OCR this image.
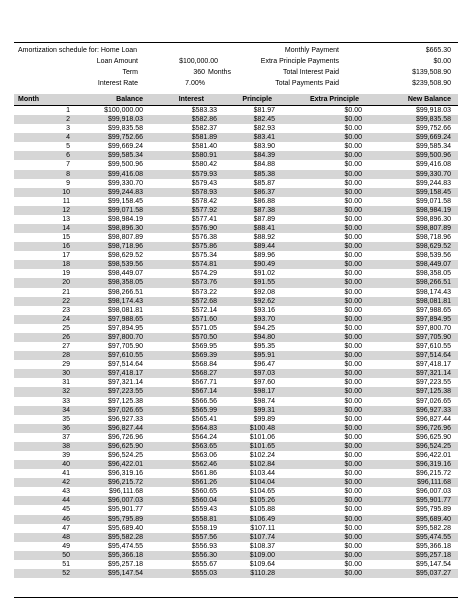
Amortization schedule for: Home Loan	Monthly Payment	$665.30
Loan Amount	$100,000.00	Extra Principle Payments	$0.00
Term	360 Months	Total Interest Paid	$139,508.90
Interest Rate	7.00%	Total Payments Paid	$239,508.90
Month	Balance	Interest	Principle	Extra Principle	New Balance
1	$100,000.00	$583.33	$81.97	$0.00	$99,918.03
2	$99,918.03	$582.86	$82.45	$0.00	$99,835.58
3	$99,835.58	$582.37	$82.93	$0.00	$99,752.66
4	$99,752.66	$581.89	$83.41	$0.00	$99,669.24
5	$99,669.24	$581.40	$83.90	$0.00	$99,585.34
6	$99,585.34	$580.91	$84.39	$0.00	$99,500.96
7	$99,500.96	$580.42	$84.88	$0.00	$99,416.08
8	$99,416.08	$579.93	$85.38	$0.00	$99,330.70
9	$99,330.70	$579.43	$85.87	$0.00	$99,244.83
10	$99,244.83	$578.93	$86.37	$0.00	$99,158.45
11	$99,158.45	$578.42	$86.88	$0.00	$99,071.58
12	$99,071.58	$577.92	$87.38	$0.00	$98,984.19
13	$98,984.19	$577.41	$87.89	$0.00	$98,896.30
14	$98,896.30	$576.90	$88.41	$0.00	$98,807.89
15	$98,807.89	$576.38	$88.92	$0.00	$98,718.96
16	$98,718.96	$575.86	$89.44	$0.00	$98,629.52
17	$98,629.52	$575.34	$89.96	$0.00	$98,539.56
18	$98,539.56	$574.81	$90.49	$0.00	$98,449.07
19	$98,449.07	$574.29	$91.02	$0.00	$98,358.05
20	$98,358.05	$573.76	$91.55	$0.00	$98,266.51
21	$98,266.51	$573.22	$92.08	$0.00	$98,174.43
22	$98,174.43	$572.68	$92.62	$0.00	$98,081.81
23	$98,081.81	$572.14	$93.16	$0.00	$97,988.65
24	$97,988.65	$571.60	$93.70	$0.00	$97,894.95
25	$97,894.95	$571.05	$94.25	$0.00	$97,800.70
26	$97,800.70	$570.50	$94.80	$0.00	$97,705.90
27	$97,705.90	$569.95	$95.35	$0.00	$97,610.55
28	$97,610.55	$569.39	$95.91	$0.00	$97,514.64
29	$97,514.64	$568.84	$96.47	$0.00	$97,418.17
30	$97,418.17	$568.27	$97.03	$0.00	$97,321.14
31	$97,321.14	$567.71	$97.60	$0.00	$97,223.55
32	$97,223.55	$567.14	$98.17	$0.00	$97,125.38
33	$97,125.38	$566.56	$98.74	$0.00	$97,026.65
34	$97,026.65	$565.99	$99.31	$0.00	$96,927.33
35	$96,927.33	$565.41	$99.89	$0.00	$96,827.44
36	$96,827.44	$564.83	$100.48	$0.00	$96,726.96
37	$96,726.96	$564.24	$101.06	$0.00	$96,625.90
38	$96,625.90	$563.65	$101.65	$0.00	$96,524.25
39	$96,524.25	$563.06	$102.24	$0.00	$96,422.01
40	$96,422.01	$562.46	$102.84	$0.00	$96,319.16
41	$96,319.16	$561.86	$103.44	$0.00	$96,215.72
42	$96,215.72	$561.26	$104.04	$0.00	$96,111.68
43	$96,111.68	$560.65	$104.65	$0.00	$96,007.03
44	$96,007.03	$560.04	$105.26	$0.00	$95,901.77
45	$95,901.77	$559.43	$105.88	$0.00	$95,795.89
46	$95,795.89	$558.81	$106.49	$0.00	$95,689.40
47	$95,689.40	$558.19	$107.11	$0.00	$95,582.28
48	$95,582.28	$557.56	$107.74	$0.00	$95,474.55
49	$95,474.55	$556.93	$108.37	$0.00	$95,366.18
50	$95,366.18	$556.30	$109.00	$0.00	$95,257.18
51	$95,257.18	$555.67	$109.64	$0.00	$95,147.54
52	$95,147.54	$555.03	$110.28	$0.00	$95,037.27
